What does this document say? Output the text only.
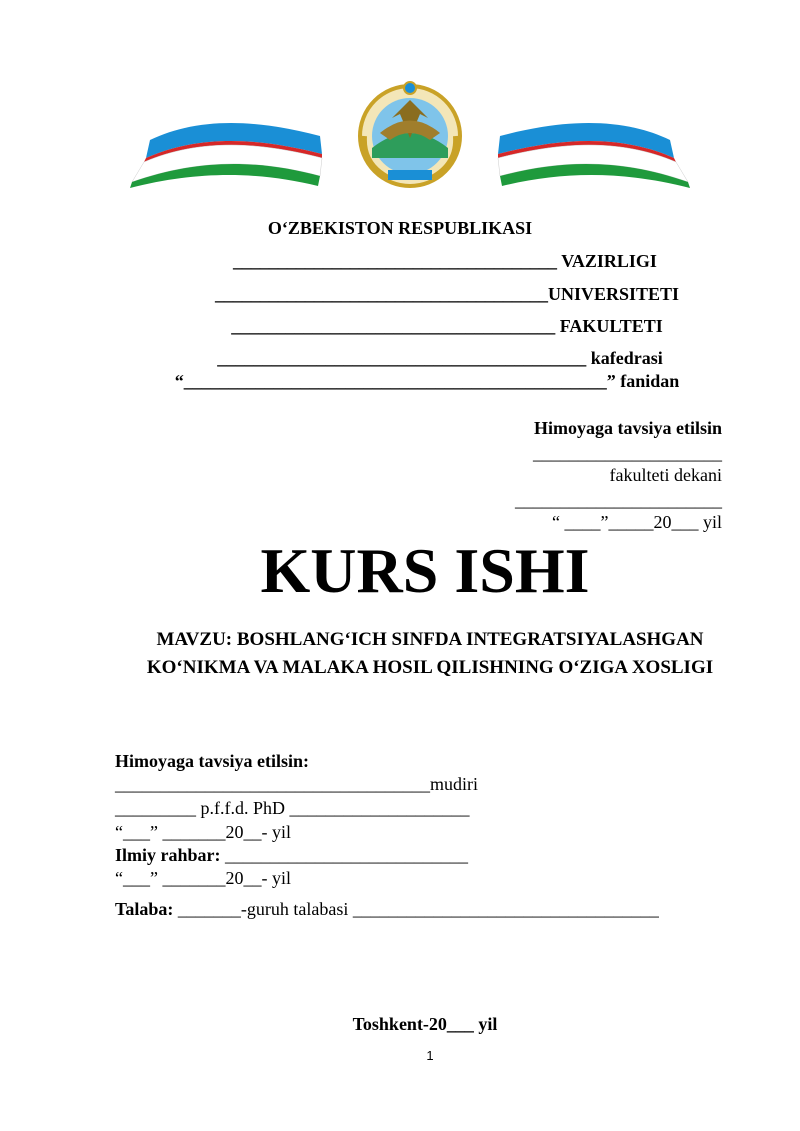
O‘ZBEKISTON RESPUBLIKASI
____________________________________ VAZIRLIGI
_____________________________________UNIVERSITETI
____________________________________ FAKULTETI
_________________________________________ kafedrasi
“_______________________________________________” fanidan
Himoyaga tavsiya etilsin
_____________________
fakulteti dekani
_______________________
“ ____”_____20___ yil
KURS ISHI
MAVZU: BOSHLANG‘ICH SINFDA INTEGRATSIYALASHGAN KO‘NIKMA VA MALAKA HOSIL QILISHNING O‘ZIGA XOSLIGI
Himoyaga tavsiya etilsin:
___________________________________mudiri
_________ p.f.f.d. PhD ____________________
“___” _______20__- yil
Ilmiy rahbar: ___________________________
“___” _______20__- yil
Talaba: _______-guruh talabasi __________________________________
Toshkent-20___ yil
1
